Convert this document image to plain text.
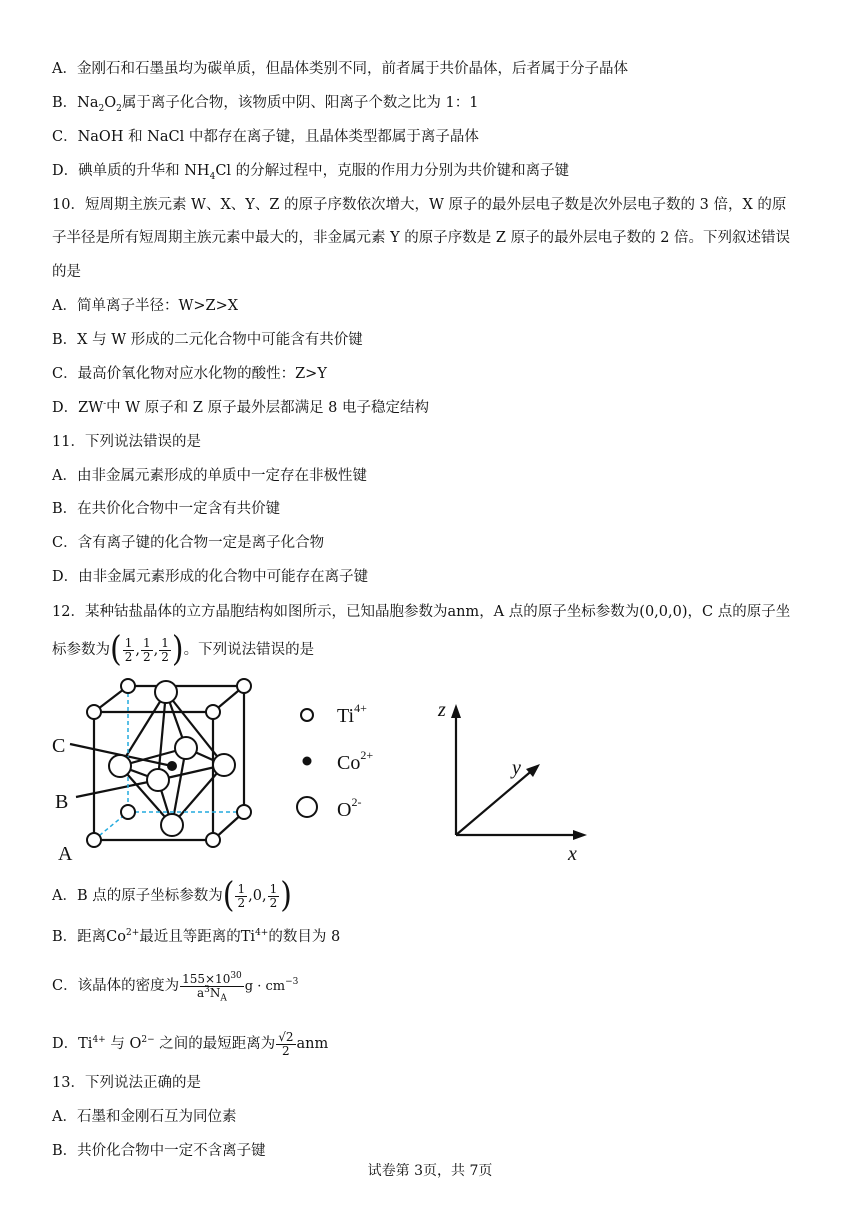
A．金刚石和石墨虽均为碳单质，但晶体类别不同，前者属于共价晶体，后者属于分子晶体
B．$Na_2O_2$属于离子化合物，该物质中阴、阳离子个数之比为 1：1
C．NaOH 和 NaCl 中都存在离子键，且晶体类型都属于离子晶体
D．碘单质的升华和 $NH_4Cl$ 的分解过程中，克服的作用力分别为共价键和离子键
10．短周期主族元素 W、X、Y、Z 的原子序数依次增大，W 原子的最外层电子数是次外层电子数的 3 倍，X 的原
子半径是所有短周期主族元素中最大的，非金属元素 Y 的原子序数是 Z 原子的最外层电子数的 2 倍。下列叙述错误
的是
A．简单离子半径：W>Z>X
B．X 与 W 形成的二元化合物中可能含有共价键
C．最高价氧化物对应水化物的酸性：Z>Y
D．ZW-中 W 原子和 Z 原子最外层都满足 8 电子稳定结构
11．下列说法错误的是
A．由非金属元素形成的单质中一定存在非极性键
B．在共价化合物中一定含有共价键
C．含有离子键的化合物一定是离子化合物
D．由非金属元素形成的化合物中可能存在离子键
12．某种钴盐晶体的立方晶胞结构如图所示，已知晶胞参数为anm，A 点的原子坐标参数为(0,0,0)，C 点的原子坐
标参数为( $\frac{1}{2}$ , $\frac{1}{2}$ , $\frac{1}{2}$ )。下列说法错误的是
C
B
A
$Ti^{4+}$
$Co^{2+}$
$O^{2-}$
z
y
x
A．B 点的原子坐标参数为( $\frac{1}{2} ,0$, $\frac{1}{2}$ )
B．距离$Co^{2+}$最近且等距离的$Ti^{4+}$的数目为 8
C．该晶体的密度为 $\frac{155\times 10^{30}}{a^3N_A}$ $g \cdot cm^{-3}$
D．$Ti^{4+}$ 与 $O^{2-}$ 之间的最短距离为 $\frac{√2}{2}$ anm
13．下列说法正确的是
A．石墨和金刚石互为同位素
B．共价化合物中一定不含离子键
试卷第 3页，共 7页
